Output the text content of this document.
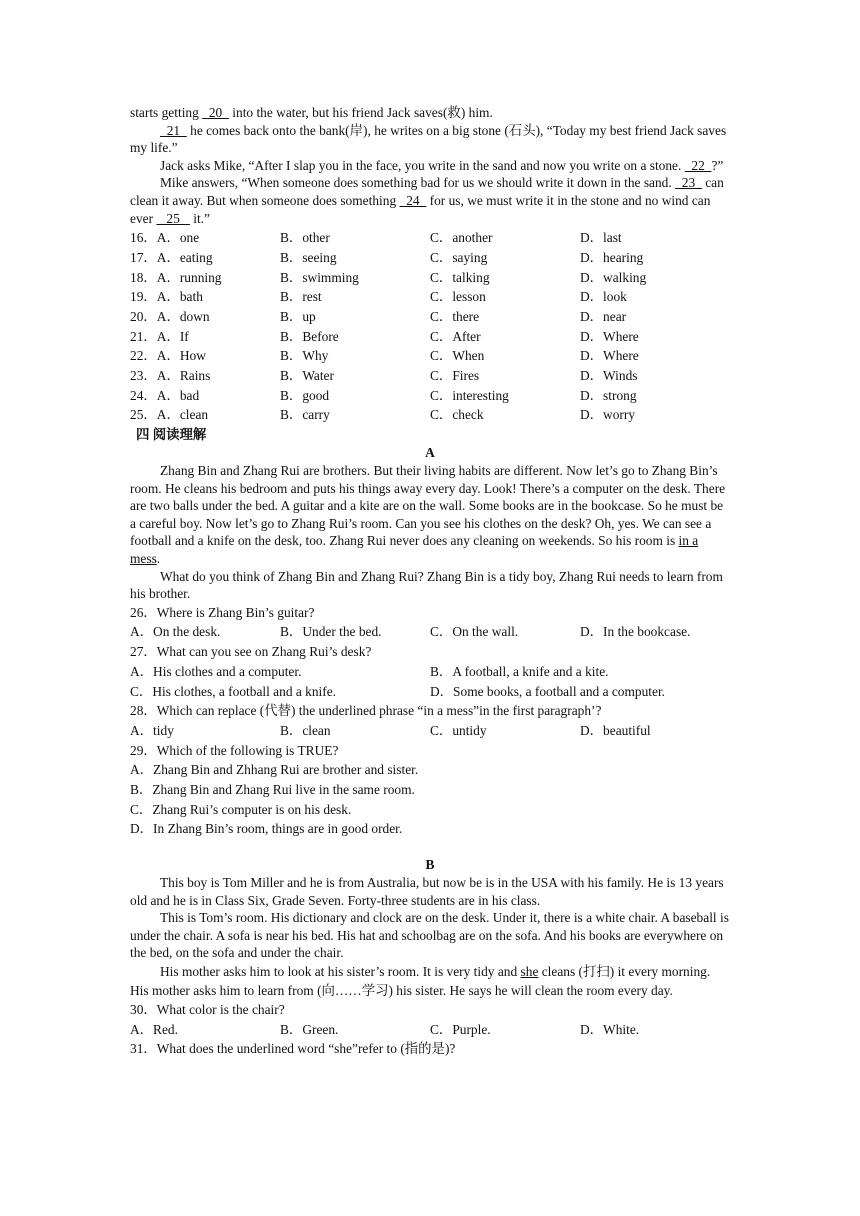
starts getting   20   into the water, but his friend Jack saves(救) him.

21   he comes back onto the bank(岸), he writes on a big stone (石头), “Today my best friend Jack saves my life.”

Jack asks Mike, “After I slap you in the face, you write in the sand and now you write on a stone.   22  ?”

Mike answers, “When someone does something bad for us we should write it down in the sand.   23   can clean it away. But when someone does something   24   for us, we must write it in the stone and no wind can ever    25    it.”

16．A．one	B．other	C．another	D．last
17．A．eating	B．seeing	C．saying	D．hearing
18．A．running	B．swimming	C．talking	D．walking
19．A．bath	B．rest	C．lesson	D．look
20．A．down	B．up	C．there	D．near
21．A．If	B．Before	C．After	D．Where
22．A．How	B．Why	C．When	D．Where
23．A．Rains	B．Water	C．Fires	D．Winds
24．A．bad	B．good	C．interesting	D．strong
25．A．clean	B．carry	C．check	D．worry
四 阅读理解
A

Zhang Bin and Zhang Rui are brothers. But their living habits are different. Now let’s go to Zhang Bin’s room. He cleans his bedroom and puts his things away every day. Look! There’s a computer on the desk. There are two balls under the bed. A guitar and a kite are on the wall. Some books are in the bookcase. So he must be a careful boy. Now let’s go to Zhang Rui’s room. Can you see his clothes on the desk? Oh, yes. We can see a football and a knife on the desk, too. Zhang Rui never does any cleaning on weekends. So his room is in a mess.

What do you think of Zhang Bin and Zhang Rui? Zhang Bin is a tidy boy, Zhang Rui needs to learn from his brother.

26．Where is Zhang Bin’s guitar?
A．On the desk.	B．Under the bed.	C．On the wall.	D．In the bookcase.
27．What can you see on Zhang Rui’s desk?
A．His clothes and a computer.	B．A football, a knife and a kite.
C．His clothes, a football and a knife.	D．Some books, a football and a computer.
28．Which can replace (代替) the underlined phrase “in a mess”in the first paragraph’?
A．tidy	B．clean	C．untidy	D．beautiful
29．Which of the following is TRUE?
A．Zhang Bin and Zhhang Rui are brother and sister.
B．Zhang Bin and Zhang Rui live in the same room.
C．Zhang Rui’s computer is on his desk.
D．In Zhang Bin’s room, things are in good order.
B

This boy is Tom Miller and he is from Australia, but now be is in the USA with his family. He is 13 years old and he is in Class Six, Grade Seven. Forty-three students are in his class.

This is Tom’s room. His dictionary and clock are on the desk. Under it, there is a white chair. A baseball is under the chair. A sofa is near his bed. His hat and schoolbag are on the sofa. And his books are everywhere on the bed, on the sofa and under the chair.

His mother asks him to look at his sister’s room. It is very tidy and she cleans (打扫) it every morning. His mother asks him to learn from (向……学习) his sister. He says he will clean the room every day.

30．What color is the chair?
A．Red.	B．Green.	C．Purple.	D．White.
31．What does the underlined word “she”refer to (指的是)?
